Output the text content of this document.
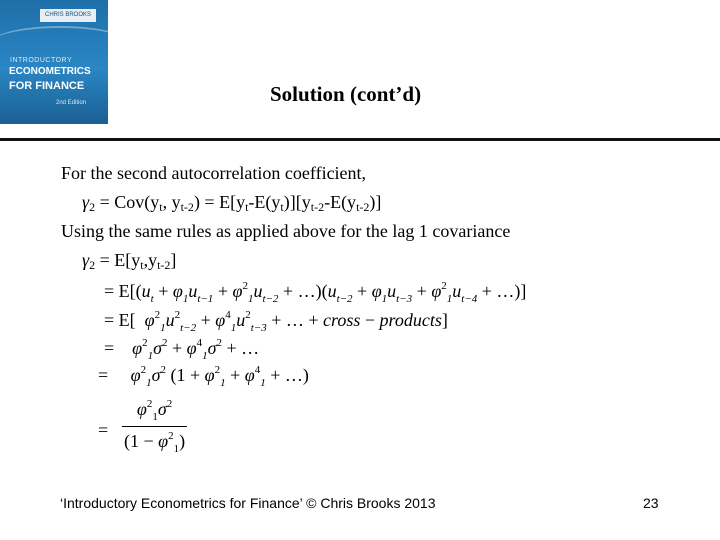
CHRIS BROOKS
INTRODUCTORY
ECONOMETRICS
FOR FINANCE
2nd Edition	Solution (cont’d)
For the second autocorrelation coefficient,
$\gamma_2 = Cov(y_t$, $y_{t-2}) = E[y_t-E(y_t)][y_{t-2}-E(y_{t-2})]$
Using the same rules as applied above for the lag 1 covariance
$\gamma_2 = E[y_t,y_{t-2}]$
= $E[(u_t + \varphi_1u_{t-1} + \varphi^2_1u_{t-2}$ + $\dots)(u_{t-2} + \varphi_1u_{t-3} + \varphi^2_1u_{t-4}$ + …)]
= E[ $\varphi^2_1u^2_{t-2} + \varphi^4_1u^2_{t-3}$ + … + cross − products]
= $\varphi^2_1\sigma^2 + \varphi^4_1\sigma^2$ + …
= $\varphi^2_1\sigma^2$ ($1 + \varphi^2_1 + \varphi^4_1$ + …)
=
$\varphi^2_1\sigma^2$
$(1 - \varphi^2_1)$
‘Introductory Econometrics for Finance’ © Chris Brooks 2013	23
